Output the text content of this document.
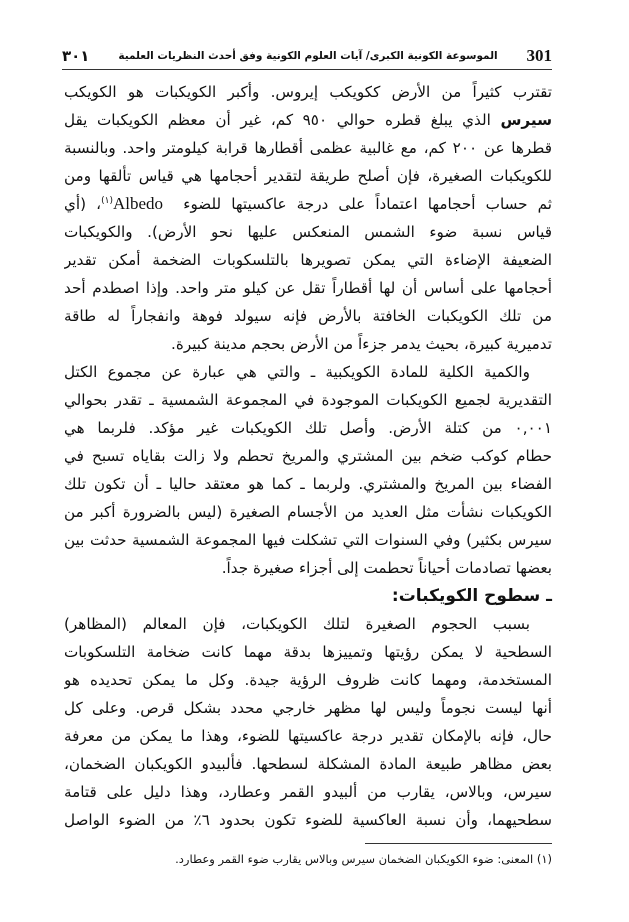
301
الموسوعة الكونية الكبرى/ آيات العلوم الكونية وفق أحدث النظريات العلمية
٣٠١
تقترب كثيراً من الأرض ككويكب إيروس. وأكبر الكويكبات هو الكويكب
سيرس الذي يبلغ قطره حوالي ٩٥٠ كم، غير أن معظم الكويكبات يقل
قطرها عن ٢٠٠ كم، مع غالبية عظمى أقطارها قرابة كيلومتر واحد. وبالنسبة
للكويكبات الصغيرة، فإن أصلح طريقة لتقدير أحجامها هي قياس تألقها ومن
ثم حساب أحجامها اعتماداً على درجة عاكسيتها للضوء  Albedo$^{(١)}$، (أي
قياس نسبة ضوء الشمس المنعكس عليها نحو الأرض). والكويكبات
الضعيفة الإضاءة التي يمكن تصويرها بالتلسكوبات الضخمة أمكن تقدير
أحجامها على أساس أن لها أقطاراً تقل عن كيلو متر واحد. وإذا اصطدم أحد
من تلك الكويكبات الخافتة بالأرض فإنه سيولد فوهة وانفجاراً له طاقة
تدميرية كبيرة، بحيث يدمر جزءاً من الأرض بحجم مدينة كبيرة.
والكمية الكلية للمادة الكويكبية ـ والتي هي عبارة عن مجموع الكتل
التقديرية لجميع الكويكبات الموجودة في المجموعة الشمسية ـ تقدر بحوالي
٠,٠٠١ من كتلة الأرض. وأصل تلك الكويكبات غير مؤكد. فلربما هي
حطام كوكب ضخم بين المشتري والمريخ تحطم ولا زالت بقاياه تسبح في
الفضاء بين المريخ والمشتري. ولربما ـ كما هو معتقد حاليا ـ أن تكون تلك
الكويكبات نشأت مثل العديد من الأجسام الصغيرة (ليس بالضرورة أكبر من
سيرس بكثير) وفي السنوات التي تشكلت فيها المجموعة الشمسية حدثت بين
بعضها تصادمات أحياناً تحطمت إلى أجزاء صغيرة جداً.
ـ سطوح الكويكبات:
بسبب الحجوم الصغيرة لتلك الكويكبات، فإن المعالم (المظاهر)
السطحية لا يمكن رؤيتها وتمييزها بدقة مهما كانت ضخامة التلسكوبات
المستخدمة، ومهما كانت ظروف الرؤية جيدة. وكل ما يمكن تحديده هو
أنها ليست نجوماً وليس لها مظهر خارجي محدد بشكل قرص. وعلى كل
حال، فإنه بالإمكان تقدير درجة عاكسيتها للضوء، وهذا ما يمكن من معرفة
بعض مظاهر طبيعة المادة المشكلة لسطحها. فألبيدو الكويكبان الضخمان،
سيرس، وبالاس، يقارب من ألبيدو القمر وعطارد، وهذا دليل على قتامة
سطحيهما، وأن نسبة العاكسية للضوء تكون بحدود ٦٪ من الضوء الواصل
(١) المعنى: ضوء الكويكبان الضخمان سيرس وبالاس يقارب ضوء القمر وعطارد.
